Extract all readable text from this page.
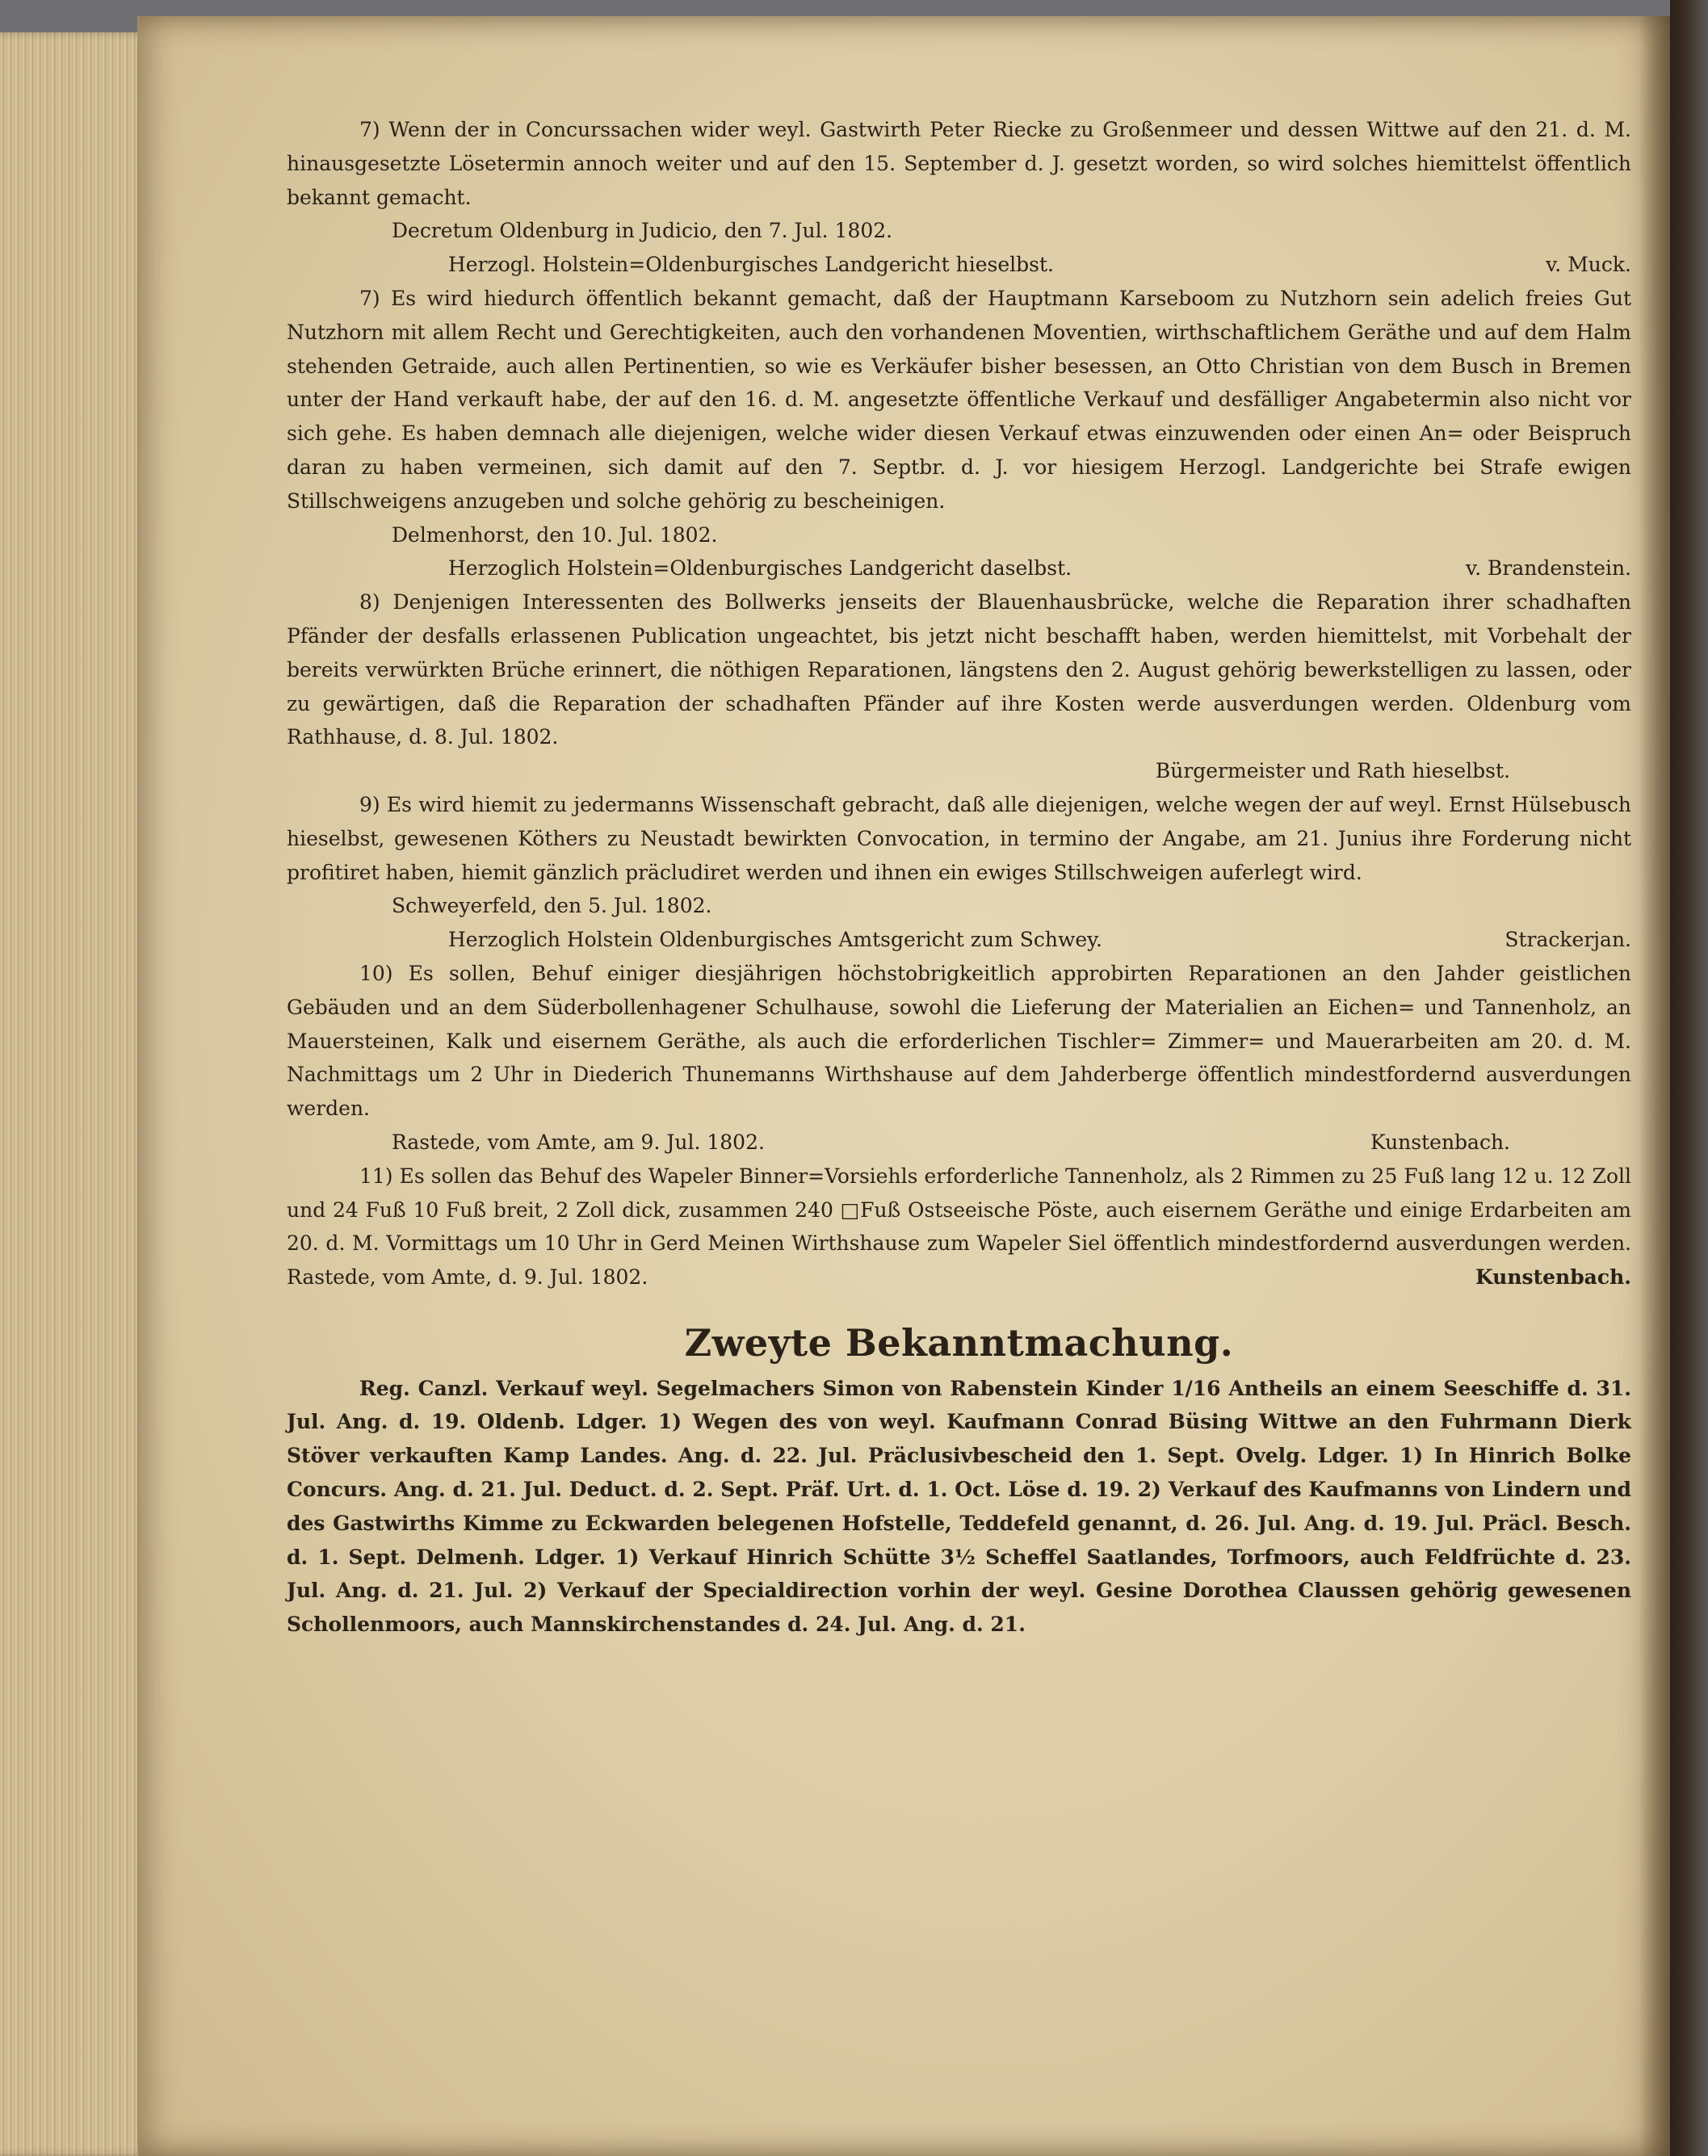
7) Wenn der in Concurssachen wider weyl. Gastwirth Peter Riecke zu Großenmeer und dessen Wittwe auf den 21. d. M. hinausgesetzte Lösetermin annoch weiter und auf den 15. September d. J. gesetzt worden, so wird solches hiemittelst öffentlich bekannt gemacht.

Decretum Oldenburg in Judicio, den 7. Jul. 1802.

Herzogl. Holstein=Oldenburgisches Landgericht hieselbst.	v. Muck.

7) Es wird hiedurch öffentlich bekannt gemacht, daß der Hauptmann Karseboom zu Nutzhorn sein adelich freies Gut Nutzhorn mit allem Recht und Gerechtigkeiten, auch den vorhandenen Moventien, wirthschaftlichem Geräthe und auf dem Halm stehenden Getraide, auch allen Pertinentien, so wie es Verkäufer bisher besessen, an Otto Christian von dem Busch in Bremen unter der Hand verkauft habe, der auf den 16. d. M. angesetzte öffentliche Verkauf und desfälliger Angabetermin also nicht vor sich gehe. Es haben demnach alle diejenigen, welche wider diesen Verkauf etwas einzuwenden oder einen An= oder Beispruch daran zu haben vermeinen, sich damit auf den 7. Septbr. d. J. vor hiesigem Herzogl. Landgerichte bei Strafe ewigen Stillschweigens anzugeben und solche gehörig zu bescheinigen.

Delmenhorst, den 10. Jul. 1802.

Herzoglich Holstein=Oldenburgisches Landgericht daselbst.	v. Brandenstein.

8) Denjenigen Interessenten des Bollwerks jenseits der Blauenhausbrücke, welche die Reparation ihrer schadhaften Pfänder der desfalls erlassenen Publication ungeachtet, bis jetzt nicht beschafft haben, werden hiemittelst, mit Vorbehalt der bereits verwürkten Brüche erinnert, die nöthigen Reparationen, längstens den 2. August gehörig bewerkstelligen zu lassen, oder zu gewärtigen, daß die Reparation der schadhaften Pfänder auf ihre Kosten werde ausverdungen werden. Oldenburg vom Rathhause, d. 8. Jul. 1802.

Bürgermeister und Rath hieselbst.

9) Es wird hiemit zu jedermanns Wissenschaft gebracht, daß alle diejenigen, welche wegen der auf weyl. Ernst Hülsebusch hieselbst, gewesenen Köthers zu Neustadt bewirkten Convocation, in termino der Angabe, am 21. Junius ihre Forderung nicht profitiret haben, hiemit gänzlich präcludiret werden und ihnen ein ewiges Stillschweigen auferlegt wird.

Schweyerfeld, den 5. Jul. 1802.

Herzoglich Holstein Oldenburgisches Amtsgericht zum Schwey.	Strackerjan.

10) Es sollen, Behuf einiger diesjährigen höchstobrigkeitlich approbirten Reparationen an den Jahder geistlichen Gebäuden und an dem Süderbollenhagener Schulhause, sowohl die Lieferung der Materialien an Eichen= und Tannenholz, an Mauersteinen, Kalk und eisernem Geräthe, als auch die erforderlichen Tischler= Zimmer= und Mauerarbeiten am 20. d. M. Nachmittags um 2 Uhr in Diederich Thunemanns Wirthshause auf dem Jahderberge öffentlich mindestfordernd ausverdungen werden.

Rastede, vom Amte, am 9. Jul. 1802.	Kunstenbach.

11) Es sollen das Behuf des Wapeler Binner=Vorsiehls erforderliche Tannenholz, als 2 Rimmen zu 25 Fuß lang 12 u. 12 Zoll und 24 Fuß 10 Fuß breit, 2 Zoll dick, zusammen 240 □Fuß Ostseeische Pöste, auch eisernem Geräthe und einige Erdarbeiten am 20. d. M. Vormittags um 10 Uhr in Gerd Meinen Wirthshause zum Wapeler Siel öffentlich mindestfordernd ausverdungen werden. Rastede, vom Amte, d. 9. Jul. 1802.	Kunstenbach.

Zweyte Bekanntmachung.

Reg. Canzl. Verkauf weyl. Segelmachers Simon von Rabenstein Kinder 1/16 Antheils an einem Seeschiffe d. 31. Jul. Ang. d. 19. Oldenb. Ldger. 1) Wegen des von weyl. Kaufmann Conrad Büsing Wittwe an den Fuhrmann Dierk Stöver verkauften Kamp Landes. Ang. d. 22. Jul. Präclusivbescheid den 1. Sept. Ovelg. Ldger. 1) In Hinrich Bolke Concurs. Ang. d. 21. Jul. Deduct. d. 2. Sept. Präf. Urt. d. 1. Oct. Löse d. 19. 2) Verkauf des Kaufmanns von Lindern und des Gastwirths Kimme zu Eckwarden belegenen Hofstelle, Teddefeld genannt, d. 26. Jul. Ang. d. 19. Jul. Präcl. Besch. d. 1. Sept. Delmenh. Ldger. 1) Verkauf Hinrich Schütte 3½ Scheffel Saatlandes, Torfmoors, auch Feldfrüchte d. 23. Jul. Ang. d. 21. Jul. 2) Verkauf der Specialdirection vorhin der weyl. Gesine Dorothea Claussen gehörig gewesenen Schollenmoors, auch Mannskirchenstandes d. 24. Jul. Ang. d. 21.
